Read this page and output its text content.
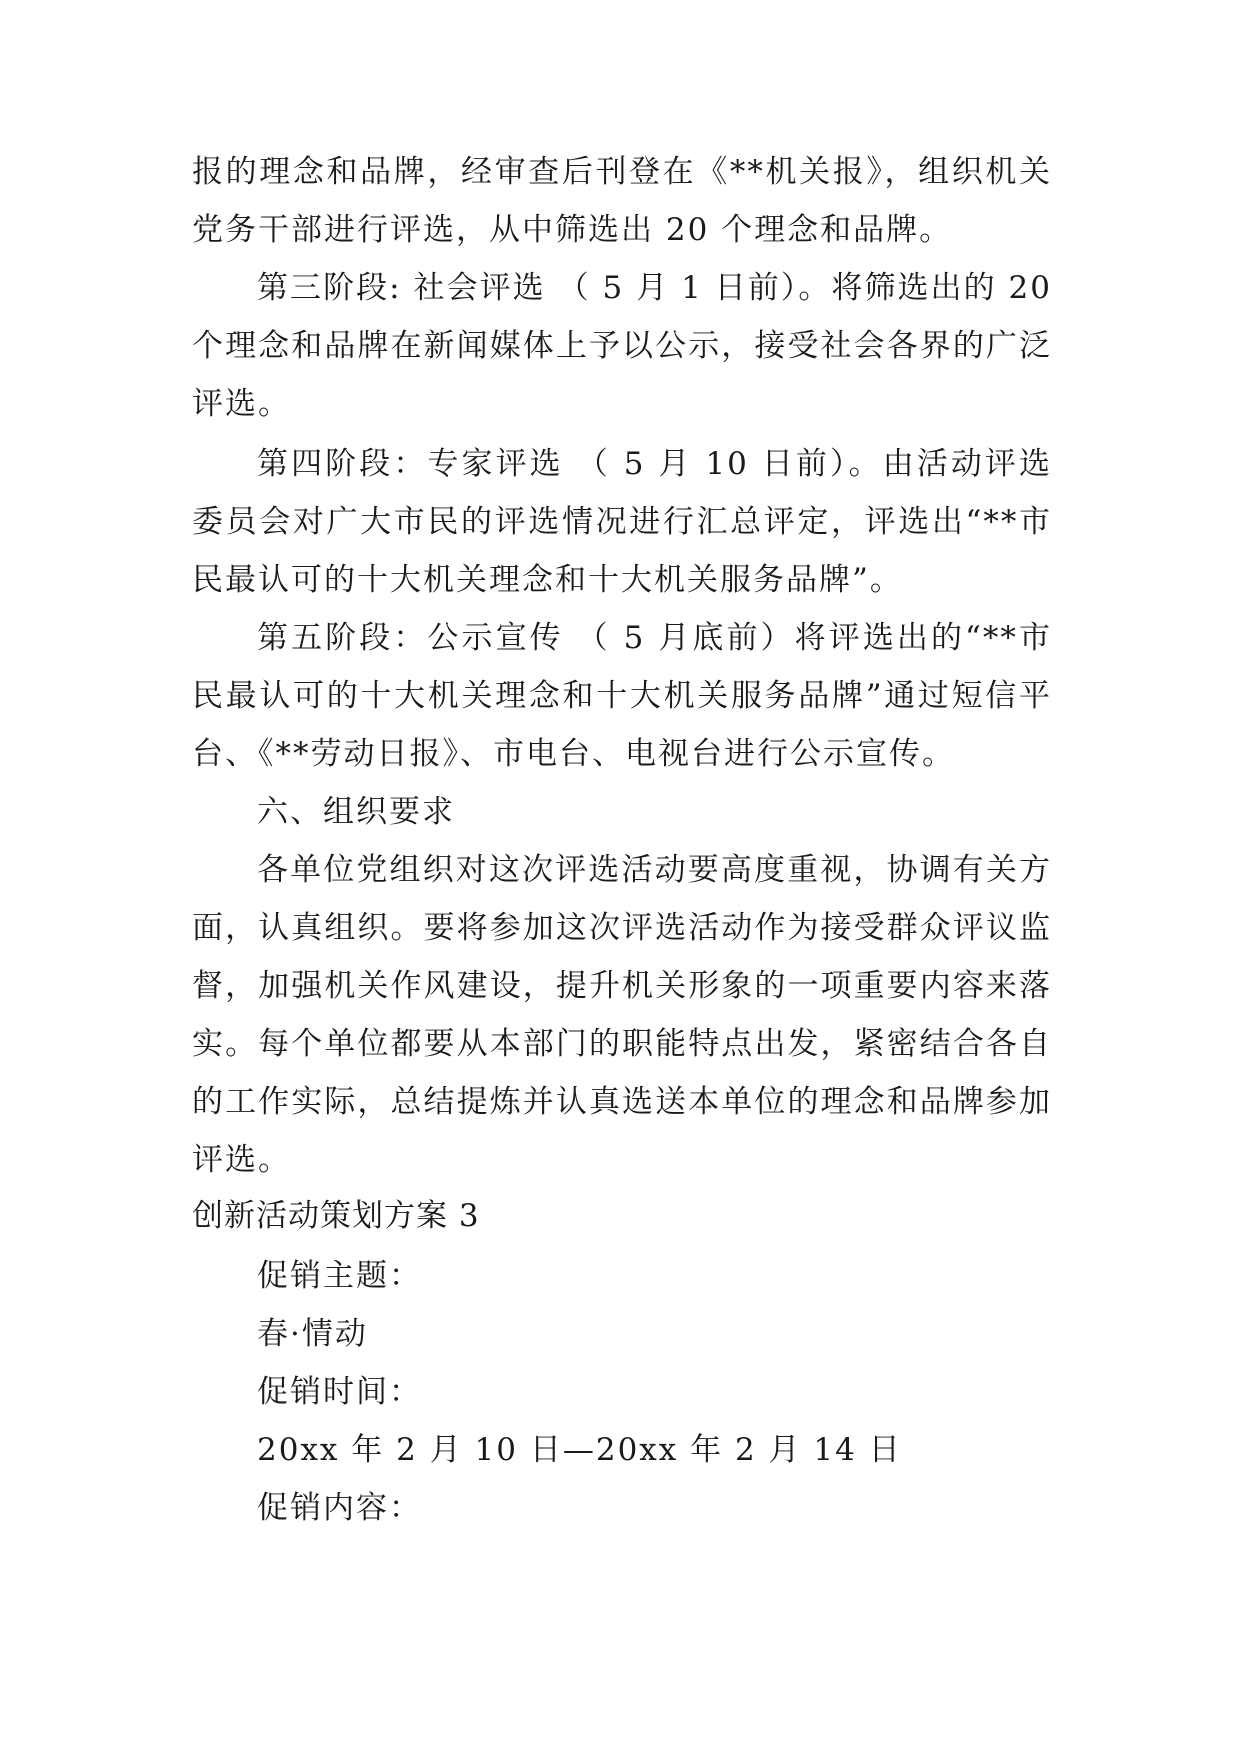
报的理念和品牌，经审查后刊登在《**机关报》，组织机关
党务干部进行评选，从中筛选出 20 个理念和品牌。
第三阶段: 社会评选 （ 5 月 1 日前）。将筛选出的 20
个理念和品牌在新闻媒体上予以公示，接受社会各界的广泛
评选。
第四阶段：专家评选 （ 5 月 10 日前）。由活动评选
委员会对广大市民的评选情况进行汇总评定，评选出“**市
民最认可的十大机关理念和十大机关服务品牌”。
第五阶段：公示宣传 （ 5 月底前）将评选出的“**市
民最认可的十大机关理念和十大机关服务品牌”通过短信平
台、《**劳动日报》、市电台、电视台进行公示宣传。
六、组织要求
各单位党组织对这次评选活动要高度重视，协调有关方
面，认真组织。要将参加这次评选活动作为接受群众评议监
督，加强机关作风建设，提升机关形象的一项重要内容来落
实。每个单位都要从本部门的职能特点出发，紧密结合各自
的工作实际，总结提炼并认真选送本单位的理念和品牌参加
评选。
创新活动策划方案 3
促销主题：
春·情动
促销时间：
20xx 年 2 月 10 日—20xx 年 2 月 14 日
促销内容：
